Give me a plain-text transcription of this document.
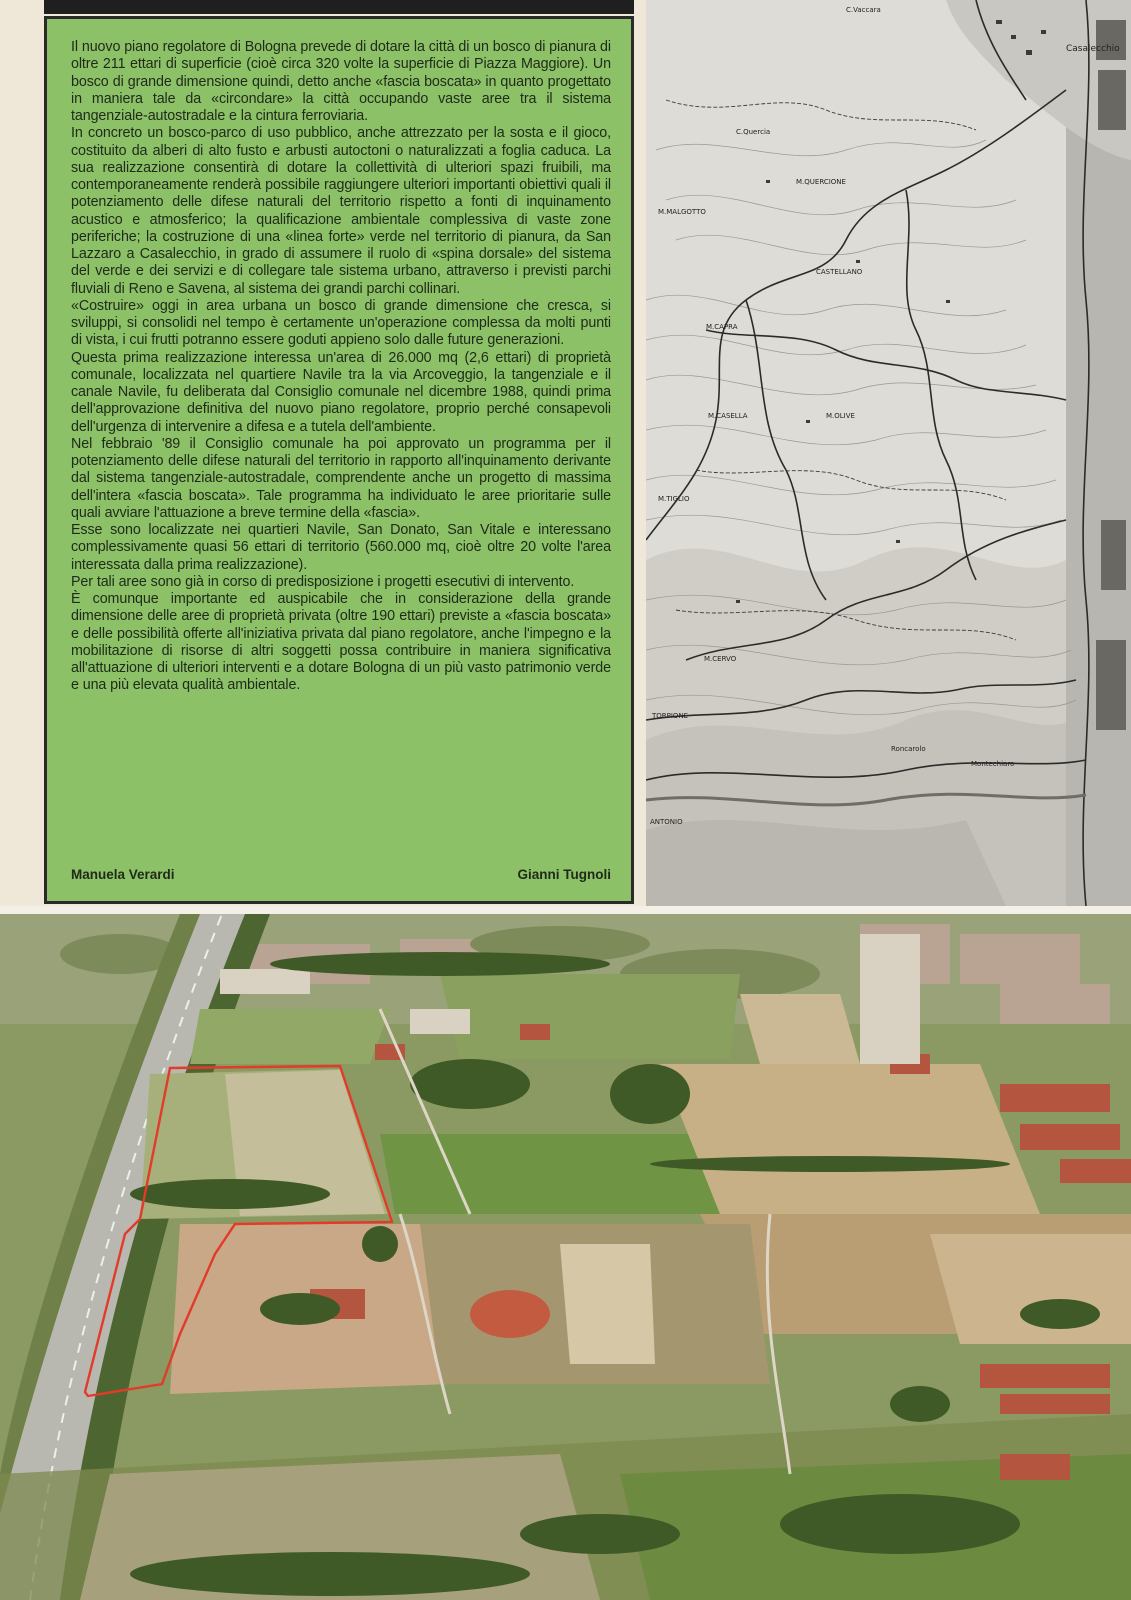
Il nuovo piano regolatore di Bologna prevede di dotare la città di un bosco di pianura di oltre 211 ettari di superficie (cioè circa 320 volte la superficie di Piazza Maggiore). Un bosco di grande dimensione quindi, detto anche «fascia boscata» in quanto progettato in maniera tale da «circondare» la città occupando vaste aree tra il sistema tangenziale-autostradale e la cintura ferroviaria.

In concreto un bosco-parco di uso pubblico, anche attrezzato per la sosta e il gioco, costituito da alberi di alto fusto e arbusti autoctoni o naturalizzati a foglia caduca. La sua realizzazione consentirà di dotare la collettività di ulteriori spazi fruibili, ma contemporaneamente renderà possibile raggiungere ulteriori importanti obiettivi quali il potenziamento delle difese naturali del territorio rispetto a fonti di inquinamento acustico e atmosferico; la qualificazione ambientale complessiva di vaste zone periferiche; la costruzione di una «linea forte» verde nel territorio di pianura, da San Lazzaro a Casalecchio, in grado di assumere il ruolo di «spina dorsale» del sistema del verde e dei servizi e di collegare tale sistema urbano, attraverso i previsti parchi fluviali di Reno e Savena, al sistema dei grandi parchi collinari.

«Costruire» oggi in area urbana un bosco di grande dimensione che cresca, si sviluppi, si consolidi nel tempo è certamente un'operazione complessa da molti punti di vista, i cui frutti potranno essere goduti appieno solo dalle future generazioni.

Questa prima realizzazione interessa un'area di 26.000 mq (2,6 ettari) di proprietà comunale, localizzata nel quartiere Navile tra la via Arcoveggio, la tangenziale e il canale Navile, fu deliberata dal Consiglio comunale nel dicembre 1988, quindi prima dell'approvazione definitiva del nuovo piano regolatore, proprio perché consapevoli dell'urgenza di intervenire a difesa e a tutela dell'ambiente.

Nel febbraio '89 il Consiglio comunale ha poi approvato un programma per il potenziamento delle difese naturali del territorio in rapporto all'inquinamento derivante dal sistema tangenziale-autostradale, comprendente anche un progetto di massima dell'intera «fascia boscata». Tale programma ha individuato le aree prioritarie sulle quali avviare l'attuazione a breve termine della «fascia».

Esse sono localizzate nei quartieri Navile, San Donato, San Vitale e interessano complessivamente quasi 56 ettari di territorio (560.000 mq, cioè oltre 20 volte l'area interessata dalla prima realizzazione).

Per tali aree sono già in corso di predisposizione i progetti esecutivi di intervento.

È comunque importante ed auspicabile che in considerazione della grande dimensione delle aree di proprietà privata (oltre 190 ettari) previste a «fascia boscata» e delle possibilità offerte all'iniziativa privata dal piano regolatore, anche l'impegno e la mobilitazione di risorse di altri soggetti possa contribuire in maniera significativa all'attuazione di ulteriori interventi e a dotare Bologna di un più vasto patrimonio verde e una più elevata qualità ambientale.

Manuela Verardi	Gianni Tugnoli
Casalecchio
M.QUERCIONE
M.MALGOTTO
CASTELLANO
M.CAPRA
M.CASELLA	M.OLIVE
M.TIGLIO
M.CERVO
TORPIONE
ANTONIO
C.Quercia
C.Vaccara
Montechiaro
Roncarolo
